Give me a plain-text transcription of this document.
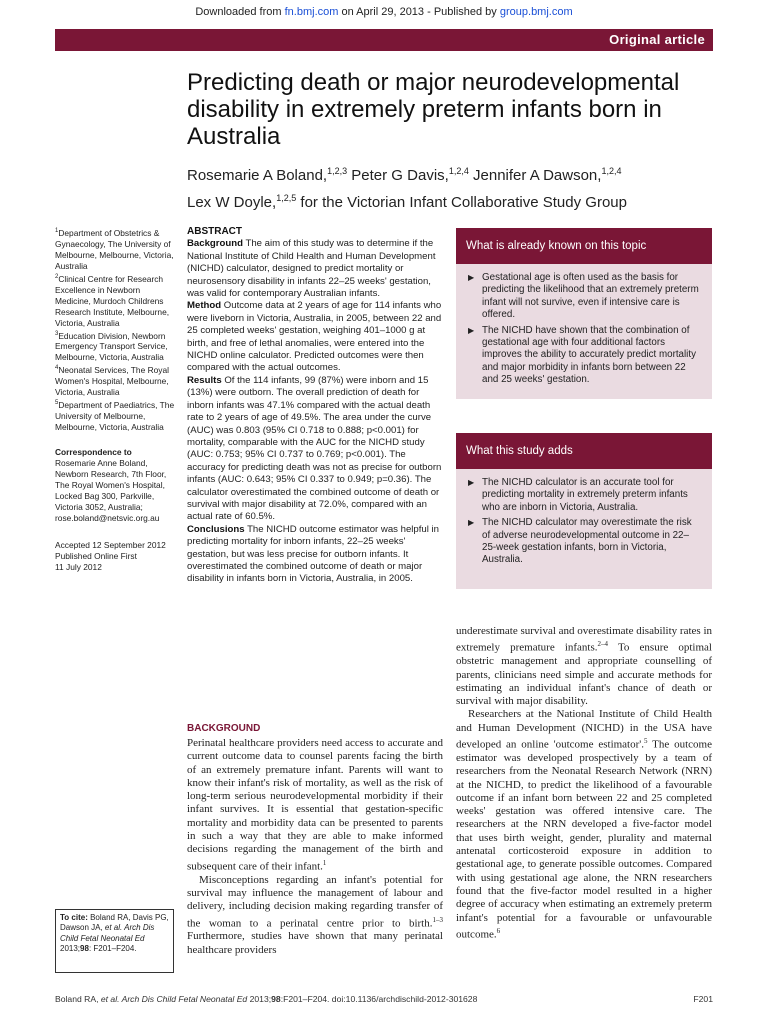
Downloaded from fn.bmj.com on April 29, 2013 - Published by group.bmj.com
Original article
Predicting death or major neurodevelopmental disability in extremely preterm infants born in Australia
Rosemarie A Boland,$^{1,2,3}$ Peter G Davis,$^{1,2,4}$ Jennifer A Dawson,$^{1,2,4}$
Lex W Doyle,$^{1,2,5}$ for the Victorian Infant Collaborative Study Group

$^1$Department of Obstetrics & Gynaecology, The University of Melbourne, Melbourne, Victoria, Australia

$^2$Clinical Centre for Research Excellence in Newborn Medicine, Murdoch Childrens Research Institute, Melbourne, Victoria, Australia

$^3$Education Division, Newborn Emergency Transport Service, Melbourne, Victoria, Australia

$^4$Neonatal Services, The Royal Women's Hospital, Melbourne, Victoria, Australia

$^5$Department of Paediatrics, The University of Melbourne, Melbourne, Victoria, Australia

Correspondence to
Rosemarie Anne Boland,
Newborn Research, 7th Floor,
The Royal Women's Hospital,
Locked Bag 300, Parkville,
Victoria 3052, Australia;
rose.boland@netsvic.org.au
Accepted 12 September 2012
Published Online First
11 July 2012
To cite: Boland RA, Davis PG, Dawson JA, et al. Arch Dis Child Fetal Neonatal Ed 2013;98: F201–F204.
ABSTRACT

Background The aim of this study was to determine if the National Institute of Child Health and Human Development (NICHD) calculator, designed to predict mortality or neurosensory disability in infants 22–25 weeks' gestation, was valid for contemporary Australian infants.

Method Outcome data at 2 years of age for 114 infants who were liveborn in Victoria, Australia, in 2005, between 22 and 25 completed weeks' gestation, weighing 401–1000 g at birth, and free of lethal anomalies, were entered into the NICHD online calculator. Predicted outcomes were then compared with the actual outcomes.

Results Of the 114 infants, 99 (87%) were inborn and 15 (13%) were outborn. The overall prediction of death for inborn infants was 47.1% compared with the actual death rate to 2 years of age of 49.5%. The area under the curve (AUC) was 0.803 (95% CI 0.718 to 0.888; p<0.001) for mortality, comparable with the AUC for the NICHD study (AUC: 0.753; 95% CI 0.737 to 0.769; p<0.001). The accuracy for predicting death was not as precise for outborn infants (AUC: 0.643; 95% CI 0.337 to 0.949; p=0.36). The calculator overestimated the combined outcome of death or survival with major disability at 72.0%, compared with an actual rate of 60.5%.

Conclusions The NICHD outcome estimator was helpful in predicting mortality for inborn infants, 22–25 weeks' gestation, but was less precise for outborn infants. It overestimated the combined outcome of death or major disability in infants born in Victoria, Australia, in 2005.

What is already known on this topic
▶ Gestational age is often used as the basis for predicting the likelihood that an extremely preterm infant will not survive, even if intensive care is offered.
▶ The NICHD have shown that the combination of gestational age with four additional factors improves the ability to accurately predict mortality and major morbidity in infants born between 22 and 25 weeks' gestation.
What this study adds
▶ The NICHD calculator is an accurate tool for predicting mortality in extremely preterm infants who are inborn in Victoria, Australia.
▶ The NICHD calculator may overestimate the risk of adverse neurodevelopmental outcome in 22–25-week gestation infants, born in Victoria, Australia.
BACKGROUND

Perinatal healthcare providers need access to accurate and current outcome data to counsel parents facing the birth of an extremely premature infant. Parents will want to know their infant's risk of mortality, as well as the risk of long-term serious neurodevelopmental morbidity if their infant survives. It is essential that gestation-specific mortality and morbidity data can be presented to parents in such a way that they are able to make informed decisions regarding the management of the birth and subsequent care of their infant.$^1$

Misconceptions regarding an infant's potential for survival may influence the management of labour and delivery, including decision making regarding transfer of the woman to a perinatal centre prior to birth.$^{1-3}$ Furthermore, studies have shown that many perinatal healthcare providers

underestimate survival and overestimate disability rates in extremely premature infants.$^{2-4}$ To ensure optimal obstetric management and appropriate counselling of parents, clinicians need simple and accurate methods for estimating an individual infant's chance of death or survival with major disability.

Researchers at the National Institute of Child Health and Human Development (NICHD) in the USA have developed an online 'outcome estimator'.$^5$ The outcome estimator was developed prospectively by a team of researchers from the Neonatal Research Network (NRN) at the NICHD, to predict the likelihood of a favourable outcome if an infant born between 22 and 25 completed weeks' gestation was offered intensive care. The researchers at the NRN developed a five-factor model that uses birth weight, gender, plurality and maternal antenatal corticosteroid exposure in addition to gestational age, to generate possible outcomes. Compared with using gestational age alone, the NRN researchers found that the five-factor model resulted in a higher degree of accuracy when estimating an extremely preterm infant's potential for a favourable or unfavourable outcome.$^6$

Boland RA, et al. Arch Dis Child Fetal Neonatal Ed 2013;98:F201–F204. doi:10.1136/archdischild-2012-301628	F201
